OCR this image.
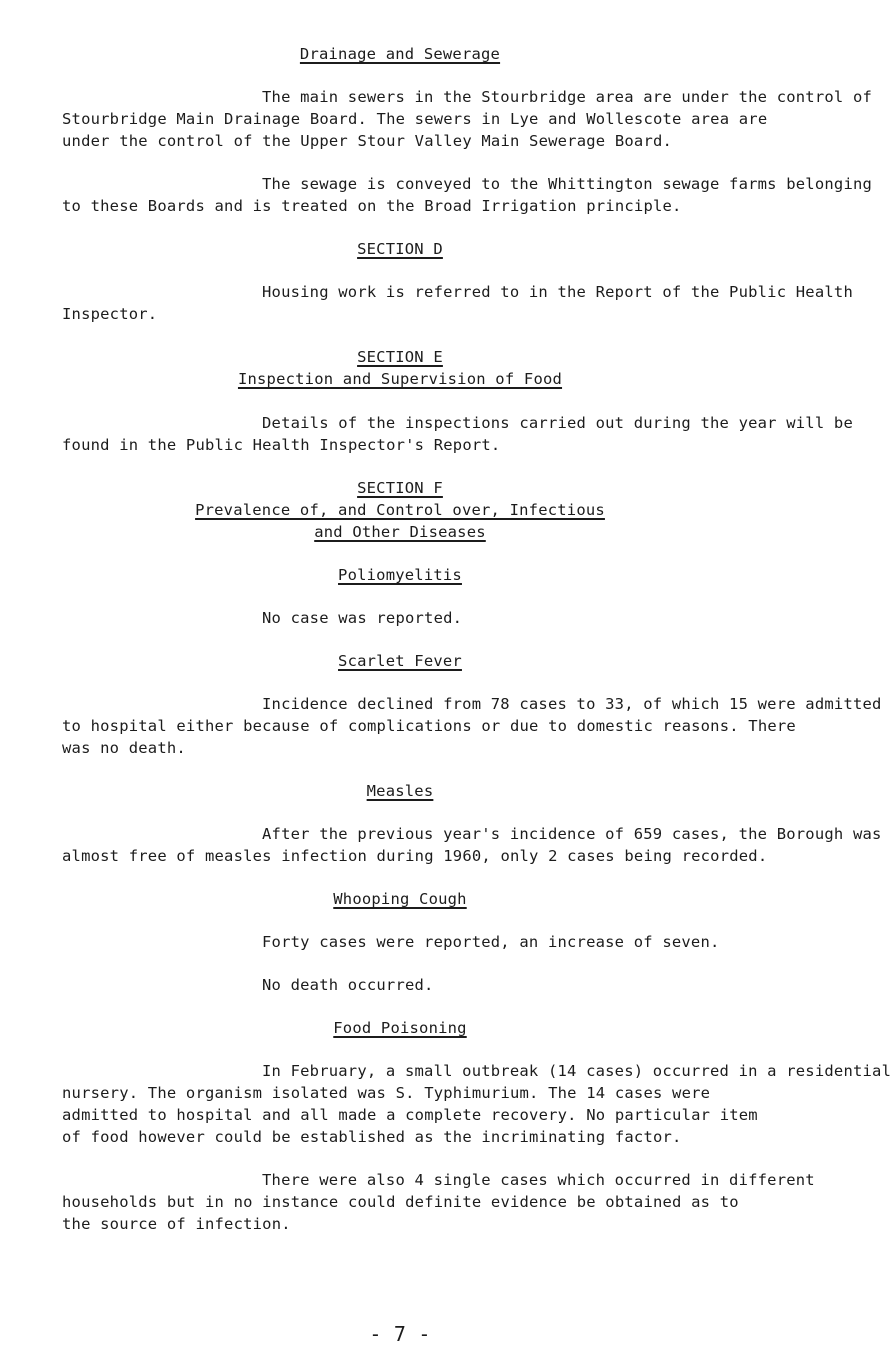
Drainage and Sewerage
The main sewers in the Stourbridge area are under the control of
Stourbridge Main Drainage Board. The sewers in Lye and Wollescote area are
under the control of the Upper Stour Valley Main Sewerage Board.
The sewage is conveyed to the Whittington sewage farms belonging
to these Boards and is treated on the Broad Irrigation principle.
SECTION D
Housing work is referred to in the Report of the Public Health
Inspector.
SECTION E
Inspection and Supervision of Food
Details of the inspections carried out during the year will be
found in the Public Health Inspector's Report.
SECTION F
Prevalence of, and Control over, Infectious
and Other Diseases
Poliomyelitis
No case was reported.
Scarlet Fever
Incidence declined from 78 cases to 33, of which 15 were admitted
to hospital either because of complications or due to domestic reasons. There
was no death.
Measles
After the previous year's incidence of 659 cases, the Borough was
almost free of measles infection during 1960, only 2 cases being recorded.
Whooping Cough
Forty cases were reported, an increase of seven.
No death occurred.
Food Poisoning
In February, a small outbreak (14 cases) occurred in a residential
nursery. The organism isolated was S. Typhimurium. The 14 cases were
admitted to hospital and all made a complete recovery. No particular item
of food however could be established as the incriminating factor.
There were also 4 single cases which occurred in different
households but in no instance could definite evidence be obtained as to
the source of infection.
- 7 -
